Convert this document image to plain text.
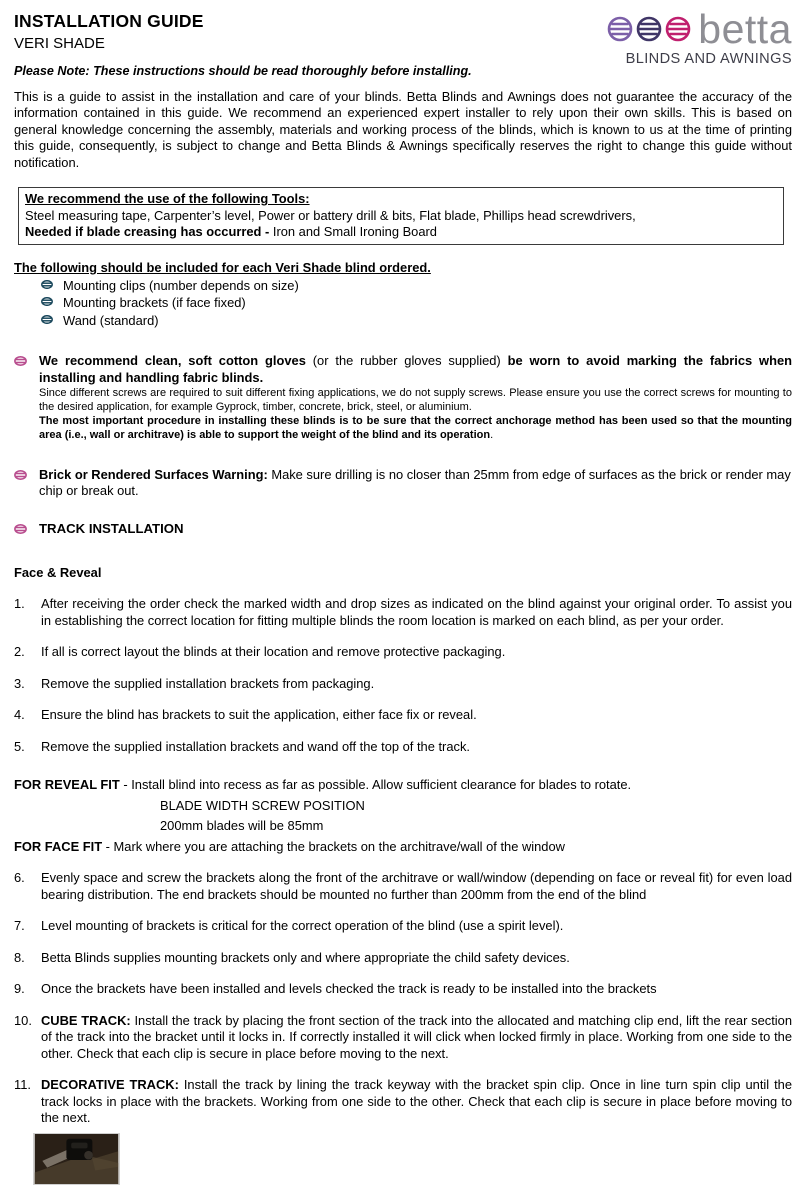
INSTALLATION GUIDE
VERI SHADE
Please Note: These instructions should be read thoroughly before installing.
betta
BLINDS AND AWNINGS

This is a guide to assist in the installation and care of your blinds. Betta Blinds and Awnings does not guarantee the accuracy of the information contained in this guide. We recommend an experienced expert installer to rely upon their own skills. This is based on general knowledge concerning the assembly, materials and working process of the blinds, which is known to us at the time of printing this guide, consequently, is subject to change and Betta Blinds & Awnings specifically reserves the right to change this guide without notification.

We recommend the use of the following Tools:
Steel measuring tape, Carpenter’s level, Power or battery drill & bits, Flat blade, Phillips head screwdrivers,
Needed if blade creasing has occurred - Iron and Small Ironing Board
The following should be included for each Veri Shade blind ordered.
Mounting clips (number depends on size)
Mounting brackets (if face fixed)
Wand (standard)

We recommend clean, soft cotton gloves (or the rubber gloves supplied) be worn to avoid marking the fabrics when installing and handling fabric blinds.

Since different screws are required to suit different fixing applications, we do not supply screws. Please ensure you use the correct screws for mounting to the desired application, for example Gyprock, timber, concrete, brick, steel, or aluminium.

The most important procedure in installing these blinds is to be sure that the correct anchorage method has been used so that the mounting area (i.e., wall or architrave) is able to support the weight of the blind and its operation.

Brick or Rendered Surfaces Warning: Make sure drilling is no closer than 25mm from edge of surfaces as the brick or render may chip or break out.
TRACK INSTALLATION
Face & Reveal
1.	After receiving the order check the marked width and drop sizes as indicated on the blind against your original order. To assist you in establishing the correct location for fitting multiple blinds the room location is marked on each blind, as per your order.
2.	If all is correct layout the blinds at their location and remove protective packaging.
3.	Remove the supplied installation brackets from packaging.
4.	Ensure the blind has brackets to suit the application, either face fix or reveal.
5.	Remove the supplied installation brackets and wand off the top of the track.

FOR REVEAL FIT - Install blind into recess as far as possible. Allow sufficient clearance for blades to rotate.

BLADE WIDTH SCREW POSITION
200mm blades will be 85mm
FOR FACE FIT - Mark where you are attaching the brackets on the architrave/wall of the window
6.	Evenly space and screw the brackets along the front of the architrave or wall/window (depending on face or reveal fit) for even load bearing distribution. The end brackets should be mounted no further than 200mm from the end of the blind
7.	Level mounting of brackets is critical for the correct operation of the blind (use a spirit level).
8.	Betta Blinds supplies mounting brackets only and where appropriate the child safety devices.
9.	Once the brackets have been installed and levels checked the track is ready to be installed into the brackets
10. CUBE TRACK: Install the track by placing the front section of the track into the allocated and matching clip end, lift the rear section of the track into the bracket until it locks in. If correctly installed it will click when locked firmly in place. Working from one side to the other. Check that each clip is secure in place before moving to the next.
11. DECORATIVE TRACK: Install the track by lining the track keyway with the bracket spin clip. Once in line turn spin clip until the track locks in place with the brackets. Working from one side to the other. Check that each clip is secure in place before moving to the next.
